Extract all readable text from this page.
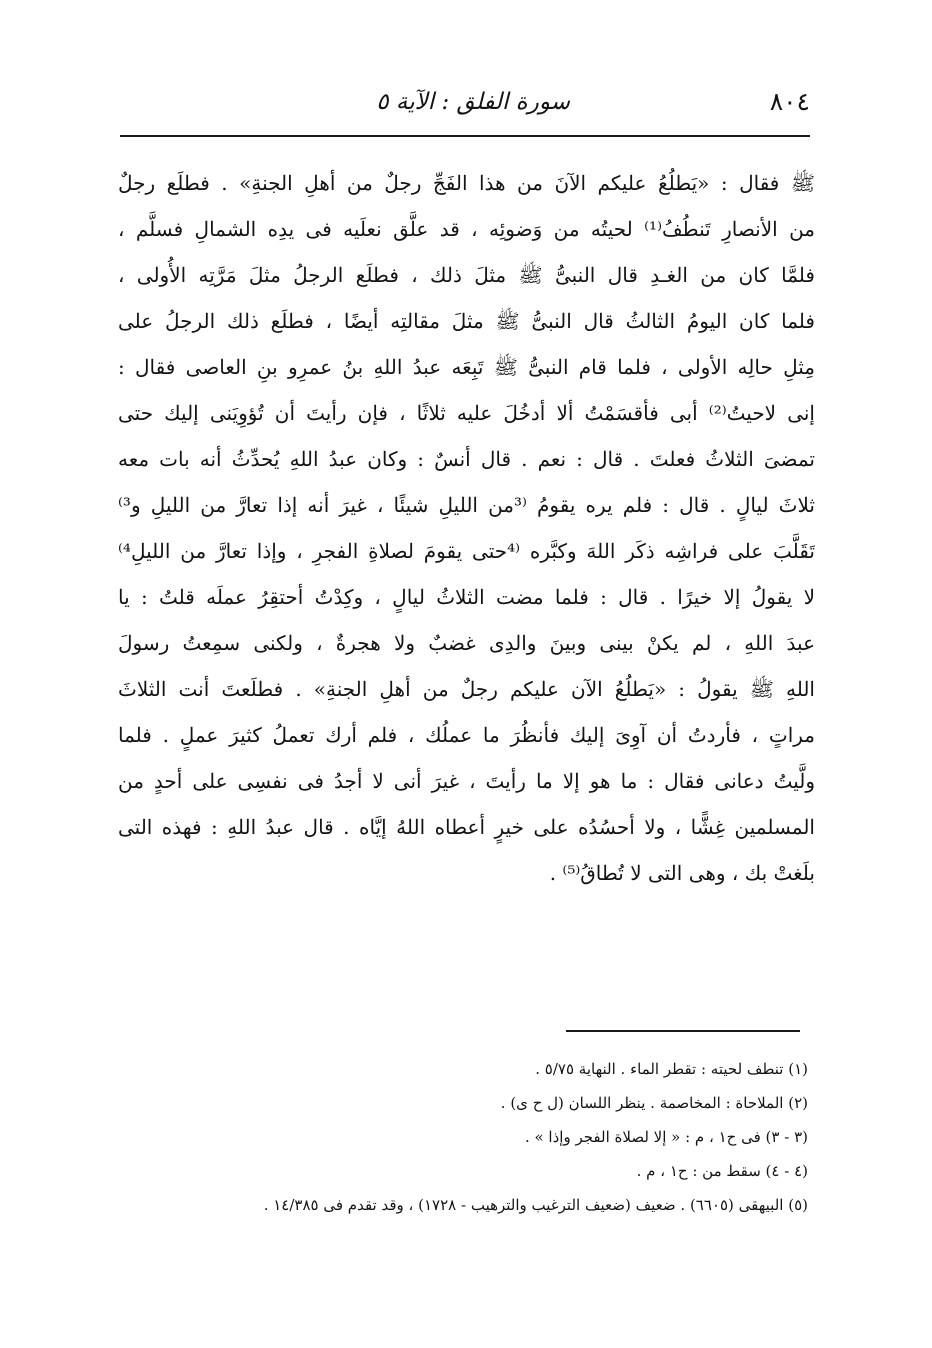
٨٠٤
سورة الفلق : الآية ٥
ﷺ فقال : «يَطلُعُ عليكم الآنَ من هذا الفَجِّ رجلٌ من أهلِ الجنةِ» . فطلَع رجلٌ
من الأنصارِ تَنطُفُ⁽¹⁾ لحيتُه من وَضوئِه ، قد علَّق نعلَيه فى يدِه الشمالِ فسلَّم ،
فلمَّا كان من الغـدِ قال النبىُّ ﷺ مثلَ ذلك ، فطلَع الرجلُ مثلَ مَرَّتِه الأُولى ،
فلما كان اليومُ الثالثُ قال النبىُّ ﷺ مثلَ مقالتِه أيضًا ، فطلَع ذلك الرجلُ على
مِثلِ حالِه الأولى ، فلما قام النبىُّ ﷺ تَبِعَه عبدُ اللهِ بنُ عمرِو بنِ العاصى فقال :
إنى لاحيتُ⁽²⁾ أبى فأقسَمْتُ ألا أدخُلَ عليه ثلاثًا ، فإن رأيتَ أن تُؤوِيَنى إليك حتى
تمضىَ الثلاثُ فعلتَ . قال : نعم . قال أنسٌ : وكان عبدُ اللهِ يُحدِّثُ أنه بات معه
ثلاثَ ليالٍ . قال : فلم يره يقومُ ⁽³من الليلِ شيئًا ، غيرَ أنه إذا تعارَّ من الليلِ و³⁾
تَقَلَّبَ على فراشِه ذكَر اللهَ وكبَّره ⁽⁴حتى يقومَ لصلاةِ الفجرِ ، وإذا تعارَّ من الليلِ⁴⁾
لا يقولُ إلا خيرًا . قال : فلما مضت الثلاثُ ليالٍ ، وكِدْتُ أحتقِرُ عملَه قلتُ : يا
عبدَ اللهِ ، لم يكنْ بينى وبينَ والدِى غضبٌ ولا هجرةٌ ، ولكنى سمِعتُ رسولَ
اللهِ ﷺ يقولُ : «يَطلُعُ الآن عليكم رجلٌ من أهلِ الجنةِ» . فطلَعتَ أنت الثلاثَ
مراتٍ ، فأردتُ أن آوِىَ إليك فأنظُرَ ما عملُك ، فلم أرك تعملُ كثيرَ عملٍ . فلما
ولَّيتُ دعانى فقال : ما هو إلا ما رأيتَ ، غيرَ أنى لا أجدُ فى نفسِى على أحدٍ من
المسلمين غِشًّا ، ولا أحسُدُه على خيرٍ أعطاه اللهُ إيَّاه . قال عبدُ اللهِ : فهذه التى
بلَغتْ بك ، وهى التى لا تُطاقُ⁽⁵⁾ .
(١) تنطف لحيته : تقطر الماء . النهاية ٥/٧٥ .
(٢) الملاحاة : المخاصمة . ينظر اللسان (ل ح ى) .
(٣ - ٣) فى ح١ ، م : « إلا لصلاة الفجر وإذا » .
(٤ - ٤) سقط من : ح١ ، م .
(٥) البيهقى (٦٦٠٥) . ضعيف (ضعيف الترغيب والترهيب - ١٧٢٨) ، وقد تقدم فى ١٤/٣٨٥ .
